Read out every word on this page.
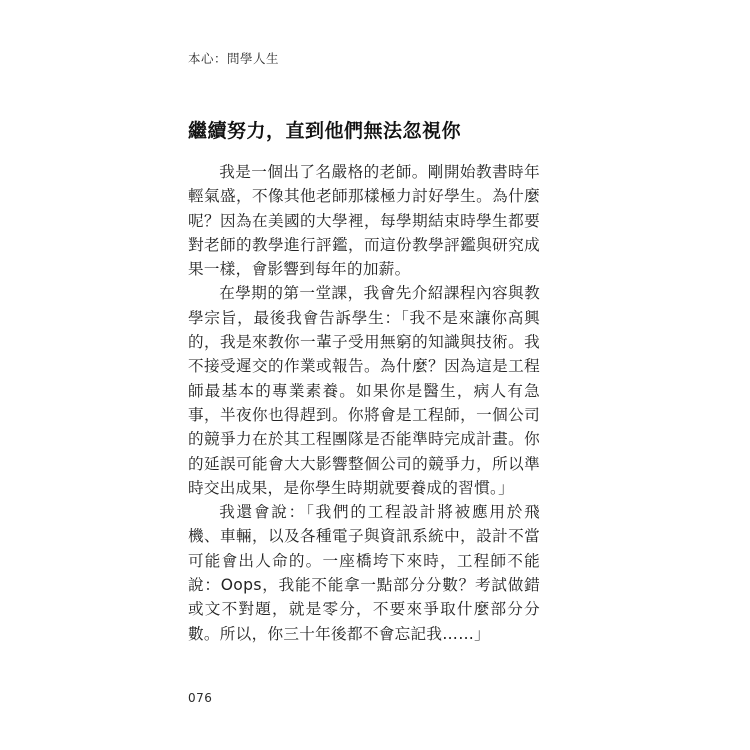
本心：問學人生
繼續努力，直到他們無法忽視你

我是一個出了名嚴格的老師。剛開始教書時年輕氣盛，不像其他老師那樣極力討好學生。為什麼呢？因為在美國的大學裡，每學期結束時學生都要對老師的教學進行評鑑，而這份教學評鑑與研究成果一樣，會影響到每年的加薪。

在學期的第一堂課，我會先介紹課程內容與教學宗旨，最後我會告訴學生：「我不是來讓你高興的，我是來教你一輩子受用無窮的知識與技術。我不接受遲交的作業或報告。為什麼？因為這是工程師最基本的專業素養。如果你是醫生，病人有急事，半夜你也得趕到。你將會是工程師，一個公司的競爭力在於其工程團隊是否能準時完成計畫。你的延誤可能會大大影響整個公司的競爭力，所以準時交出成果，是你學生時期就要養成的習慣。」

我還會說：「我們的工程設計將被應用於飛機、車輛，以及各種電子與資訊系統中，設計不當可能會出人命的。一座橋垮下來時，工程師不能說：Oops，我能不能拿一點部分分數？考試做錯或文不對題，就是零分，不要來爭取什麼部分分數。所以，你三十年後都不會忘記我……」

076
